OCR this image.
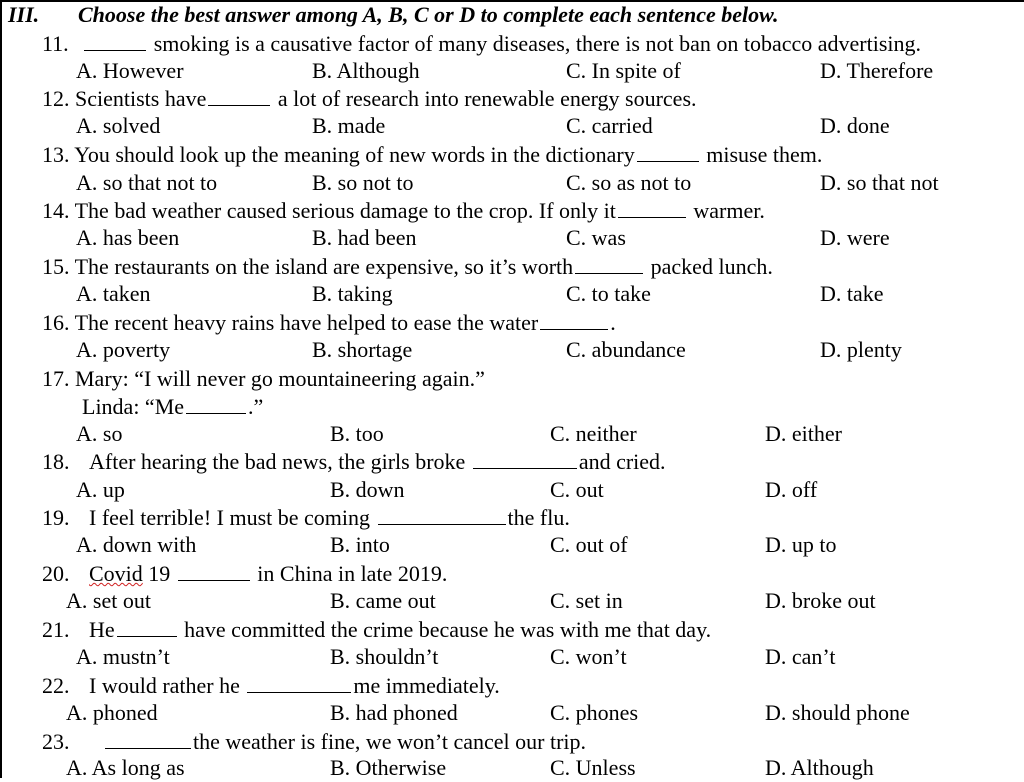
III. Choose the best answer among A, B, C or D to complete each sentence below.
11.	smoking is a causative factor of many diseases, there is not ban on tobacco advertising.
A. However	B. Although	C. In spite of	D. Therefore
12. Scientists have	a lot of research into renewable energy sources.
A. solved	B. made	C. carried	D. done
13. You should look up the meaning of new words in the dictionary	misuse them.
A. so that not to	B. so not to	C. so as not to	D. so that not
14. The bad weather caused serious damage to the crop. If only it	warmer.
A. has been	B. had been	C. was	D. were
15. The restaurants on the island are expensive, so it’s worth	packed lunch.
A. taken	B. taking	C. to take	D. take
16. The recent heavy rains have helped to ease the water	.
A. poverty	B. shortage	C. abundance	D. plenty
17. Mary: “I will never go mountaineering again.”
Linda: “Me	.”
A. so	B. too	C. neither	D. either
18. After hearing the bad news, the girls broke	and cried.
A. up	B. down	C. out	D. off
19. I feel terrible! I must be coming	the flu.
A. down with	B. into	C. out of	D. up to
20. Covid 19	in China in late 2019.
A. set out	B. came out	C. set in	D. broke out
21. He	have committed the crime because he was with me that day.
A. mustn’t	B. shouldn’t	C. won’t	D. can’t
22. I would rather he	me immediately.
A. phoned	B. had phoned	C. phones	D. should phone
23.	the weather is fine, we won’t cancel our trip.
A. As long as	B. Otherwise	C. Unless	D. Although
